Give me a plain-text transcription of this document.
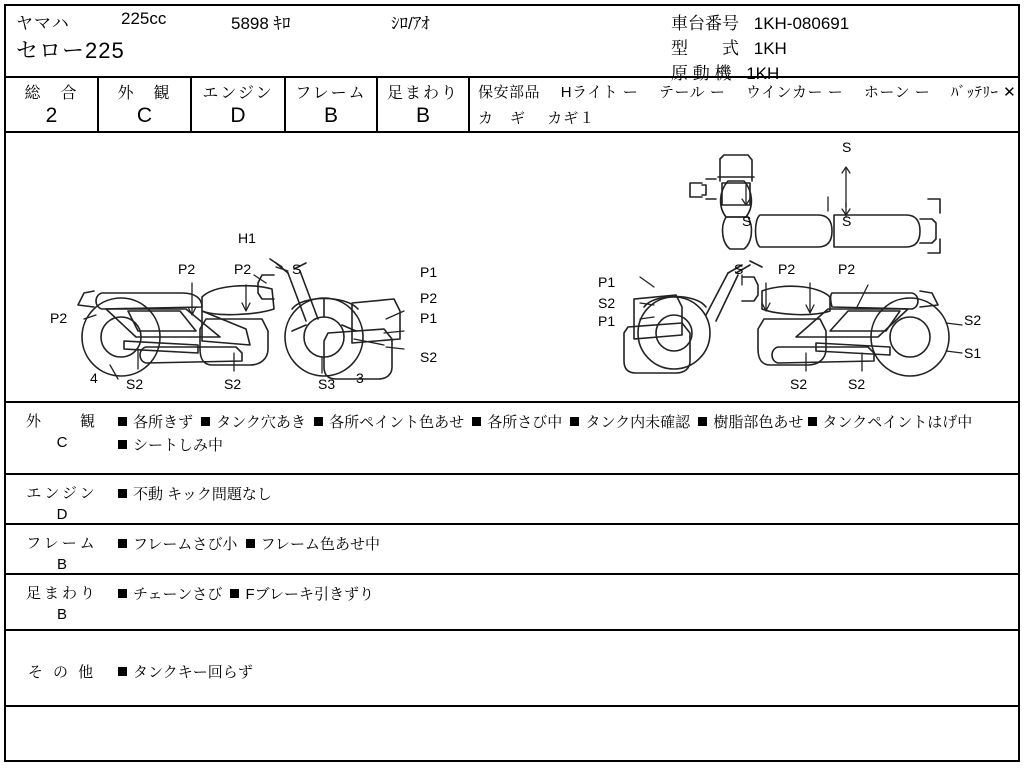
ヤマハ	225cc	5898 ｷﾛ	ｼﾛ/ｱｵ
セロー225
車台番号 1KH-080691
型　　式 1KH
原 動 機 1KH
総　合
2
外　観
C
エンジン
D
フレーム
B
足まわり
B
保安部品 Hライト ー テール ー ウインカー ー ホーン ー ﾊﾞｯﾃﾘｰ ✕
カ　ギ カギ１
H1
P2	P2	S
P2
P1
P2
P1
S2
S2	S2	S3 3
4
P1
S2
P1
S P2	P2
S2
S1
S2	S2
S
S	S
外　　観
C
各所きず タンク穴あき 各所ペイント色あせ 各所さび中 タンク内未確認 樹脂部色あせ タンクペイントはげ中 シートしみ中
エンジン
D
不動 キック問題なし
フレーム
B
フレームさび小 フレーム色あせ中
足まわり
B
チェーンさび Fブレーキ引きずり
そ の 他	タンクキー回らず
